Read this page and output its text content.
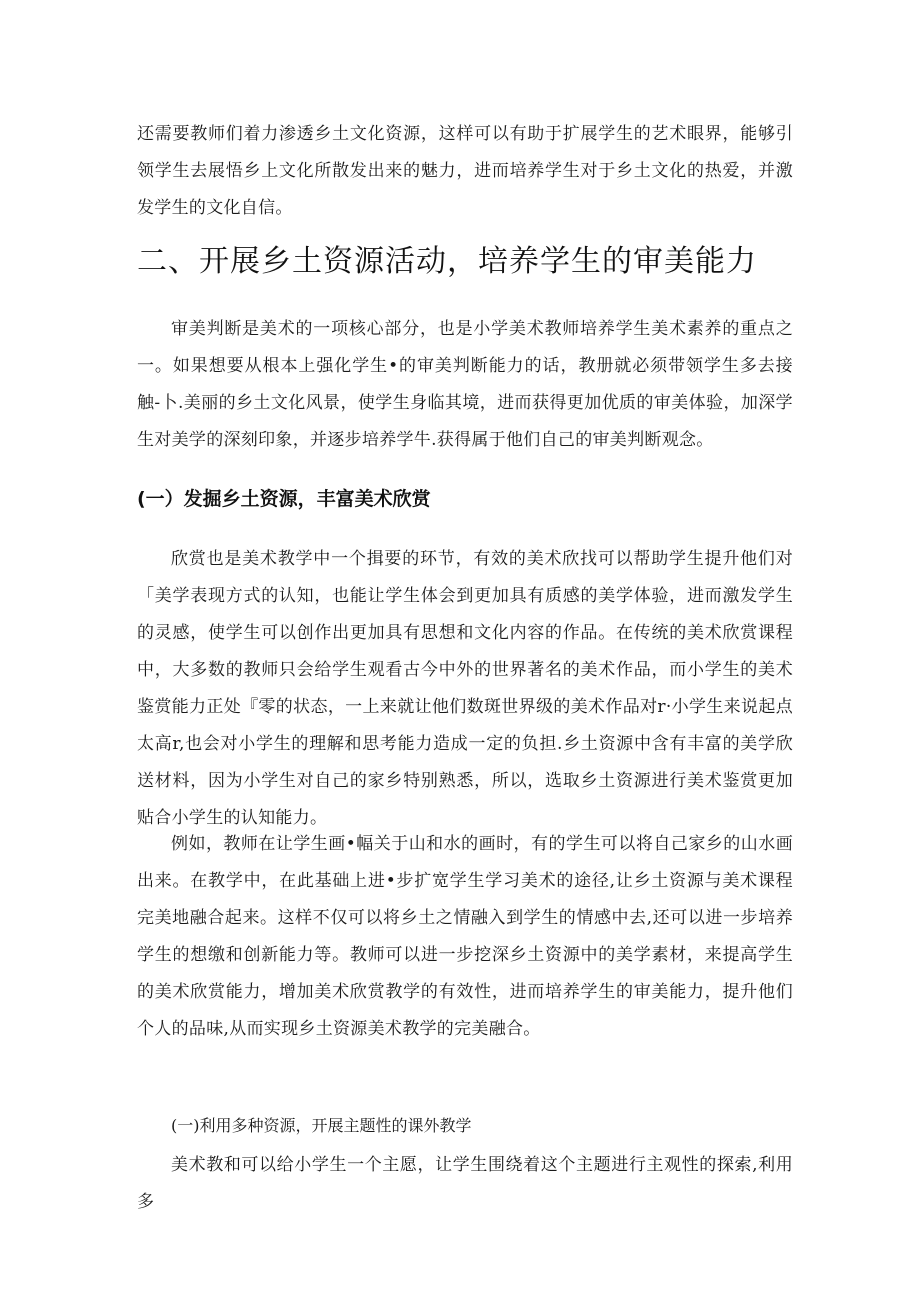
还需要教师们着力渗透乡土文化资源，这样可以有助于扩展学生的艺术眼界，能够引领学生去展悟乡上文化所散发出来的魅力，进而培养学生对于乡土文化的热爱，并激发学生的文化自信。

二、开展乡土资源活动，培养学生的审美能力

审美判断是美术的一项核心部分，也是小学美术教师培养学生美术素养的重点之一。如果想要从根本上强化学生•的审美判断能力的话，教册就必须带领学生多去接触-卜.美丽的乡土文化风景，使学生身临其境，进而获得更加优质的审美体验，加深学生对美学的深刻印象，并逐步培养学牛.获得属于他们自己的审美判断观念。

(一）发掘乡土资源，丰富美术欣赏

欣赏也是美术教学中一个揖要的环节，有效的美术欣找可以帮助学生提升他们对「美学表现方式的认知，也能让学生体会到更加具有质感的美学体验，进而激发学生的灵感，使学生可以创作出更加具有思想和文化内容的作品。在传统的美术欣赏课程中，大多数的教师只会给学生观看古今中外的世界著名的美术作品，而小学生的美术鉴赏能力正处『零的状态，一上来就让他们数斑世界级的美术作品对r·小学生来说起点太高r,也会对小学生的理解和思考能力造成一定的负担.乡土资源中含有丰富的美学欣送材料，因为小学生对自己的家乡特别熟悉，所以，选取乡土资源进行美术鉴赏更加贴合小学生的认知能力。

例如，教师在让学生画•幅关于山和水的画时，有的学生可以将自己家乡的山水画出来。在教学中，在此基础上进•步扩宽学生学习美术的途径,让乡土资源与美术课程完美地融合起来。这样不仅可以将乡土之情融入到学生的情感中去,还可以进一步培养学生的想缴和创新能力等。教师可以进一步挖深乡土资源中的美学素材，来提高学生的美术欣赏能力，增加美术欣赏教学的有效性，进而培养学生的审美能力，提升他们个人的品味,从而实现乡土资源美术教学的完美融合。

(一)利用多种资源，开展主题性的课外教学

美术教和可以给小学生一个主愿，让学生围绕着这个主题进行主观性的探索,利用多
